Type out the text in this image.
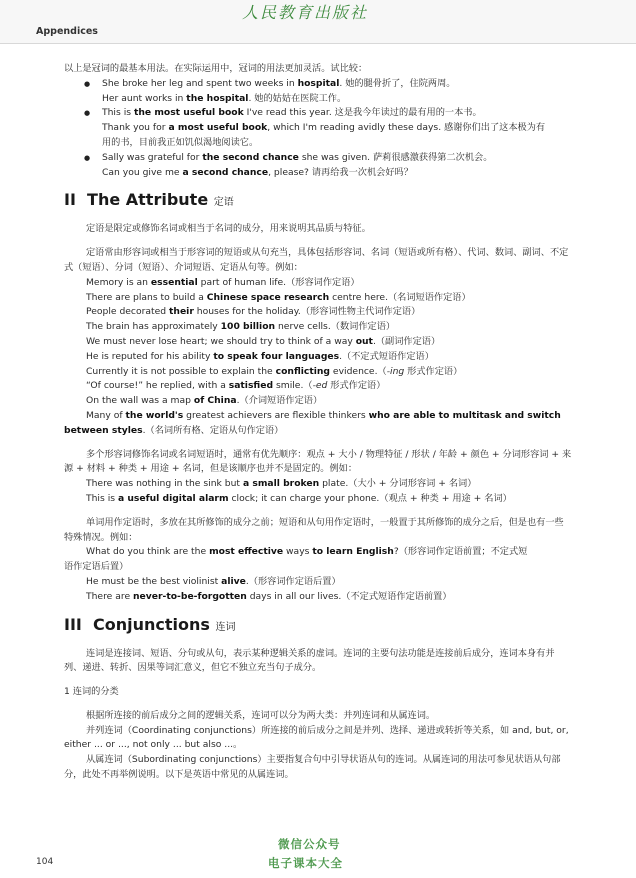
人民教育出版社
Appendices

以上是冠词的最基本用法。在实际运用中，冠词的用法更加灵活。试比较：

● She broke her leg and spent two weeks in hospital. 她的腿骨折了，住院两周。

Her aunt works in the hospital. 她的姑姑在医院工作。

● This is the most useful book I've read this year. 这是我今年读过的最有用的一本书。

Thank you for a most useful book, which I'm reading avidly these days. 感谢你们出了这本极为有

用的书，目前我正如饥似渴地阅读它。

● Sally was grateful for the second chance she was given. 萨莉很感激获得第二次机会。

Can you give me a second chance, please? 请再给我一次机会好吗？

II The Attribute 定语

定语是限定或修饰名词或相当于名词的成分，用来说明其品质与特征。

定语常由形容词或相当于形容词的短语或从句充当，具体包括形容词、名词（短语或所有格）、代词、数词、副词、不定式（短语）、分词（短语）、介词短语、定语从句等。例如：

Memory is an essential part of human life.（形容词作定语）

There are plans to build a Chinese space research centre here.（名词短语作定语）

People decorated their houses for the holiday.（形容词性物主代词作定语）

The brain has approximately 100 billion nerve cells.（数词作定语）

We must never lose heart; we should try to think of a way out.（副词作定语）

He is reputed for his ability to speak four languages.（不定式短语作定语）

Currently it is not possible to explain the conflicting evidence.（-ing 形式作定语）

“Of course!” he replied, with a satisfied smile.（-ed 形式作定语）

On the wall was a map of China.（介词短语作定语）

Many of the world's greatest achievers are flexible thinkers who are able to multitask and switch

between styles.（名词所有格、定语从句作定语）

多个形容词修饰名词或名词短语时，通常有优先顺序：观点 + 大小 / 物理特征 / 形状 / 年龄 + 颜色 + 分词形容词 + 来源 + 材料 + 种类 + 用途 + 名词，但是该顺序也并不是固定的。例如：

There was nothing in the sink but a small broken plate.（大小 + 分词形容词 + 名词）

This is a useful digital alarm clock; it can charge your phone.（观点 + 种类 + 用途 + 名词）

单词用作定语时，多放在其所修饰的成分之前；短语和从句用作定语时，一般置于其所修饰的成分之后，但是也有一些特殊情况。例如：

What do you think are the most effective ways to learn English?（形容词作定语前置；不定式短

语作定语后置）

He must be the best violinist alive.（形容词作定语后置）

There are never-to-be-forgotten days in all our lives.（不定式短语作定语前置）

III Conjunctions 连词

连词是连接词、短语、分句或从句，表示某种逻辑关系的虚词。连词的主要句法功能是连接前后成分，连词本身有并列、递进、转折、因果等词汇意义，但它不独立充当句子成分。

1 连词的分类

根据所连接的前后成分之间的逻辑关系，连词可以分为两大类：并列连词和从属连词。

并列连词（Coordinating conjunctions）所连接的前后成分之间是并列、选择、递进或转折等关系，如 and, but, or, either ... or ..., not only ... but also ...。

从属连词（Subordinating conjunctions）主要指复合句中引导状语从句的连词。从属连词的用法可参见状语从句部分，此处不再举例说明。以下是英语中常见的从属连词。

微信公众号
电子课本大全
104
